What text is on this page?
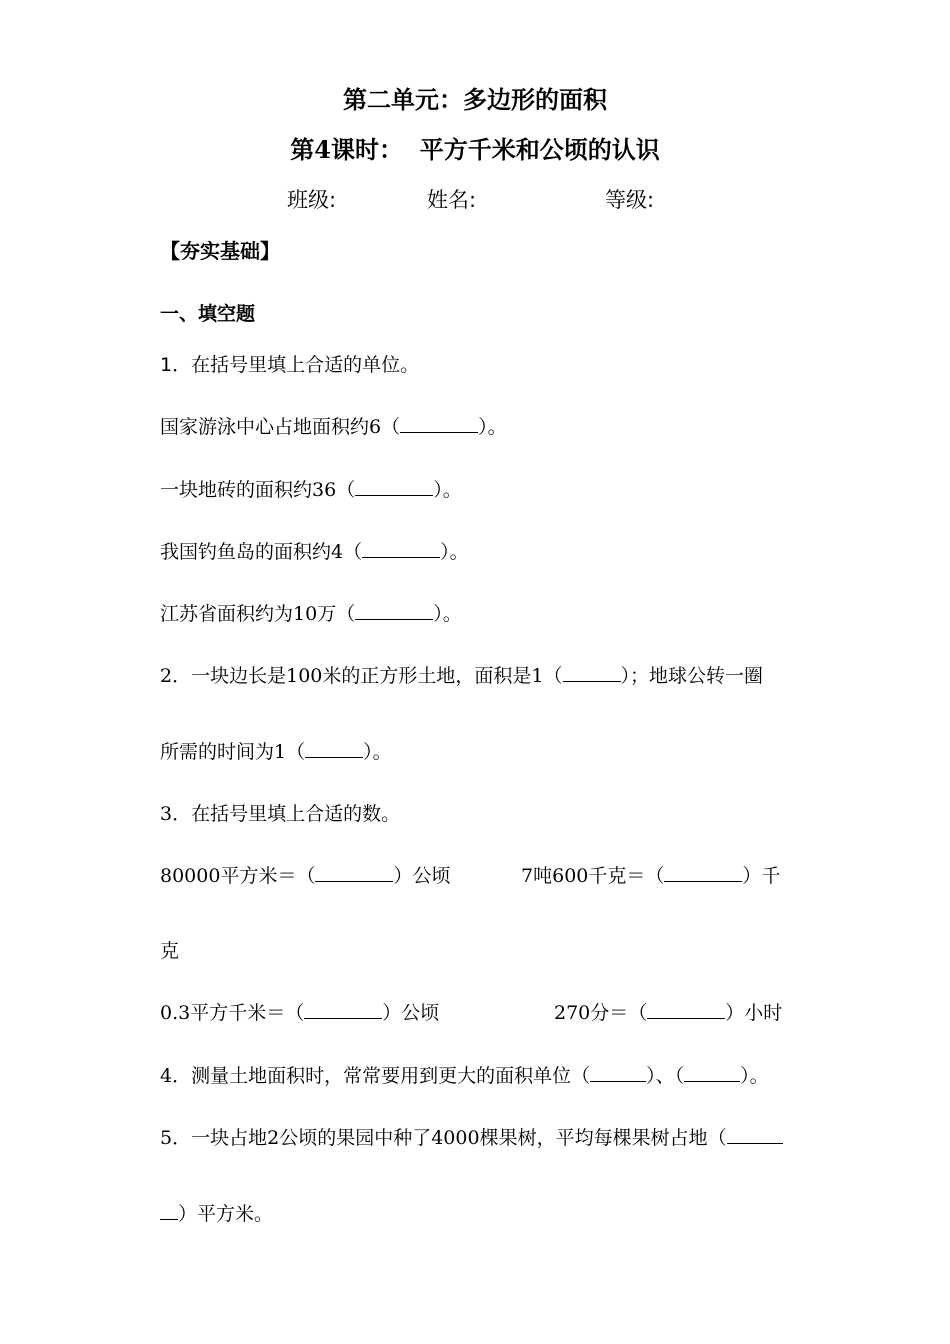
第二单元：多边形的面积
第4课时：  平方千米和公顷的认识
班级:	姓名:	等级:
【夯实基础】
一、填空题
1．在括号里填上合适的单位。
国家游泳中心占地面积约6（	）。
一块地砖的面积约36（	）。
我国钓鱼岛的面积约4（	）。
江苏省面积约为10万（	）。
2．一块边长是100米的正方形土地，面积是1（	）；地球公转一圈
所需的时间为1（	）。
3．在括号里填上合适的数。
80000平方米＝（	）公顷	7吨600千克＝（	）千
克
0.3平方千米＝（	）公顷	270分＝（	）小时
4．测量土地面积时，常常要用到更大的面积单位（	）、（	）。
5．一块占地2公顷的果园中种了4000棵果树，平均每棵果树占地（
）平方米。
